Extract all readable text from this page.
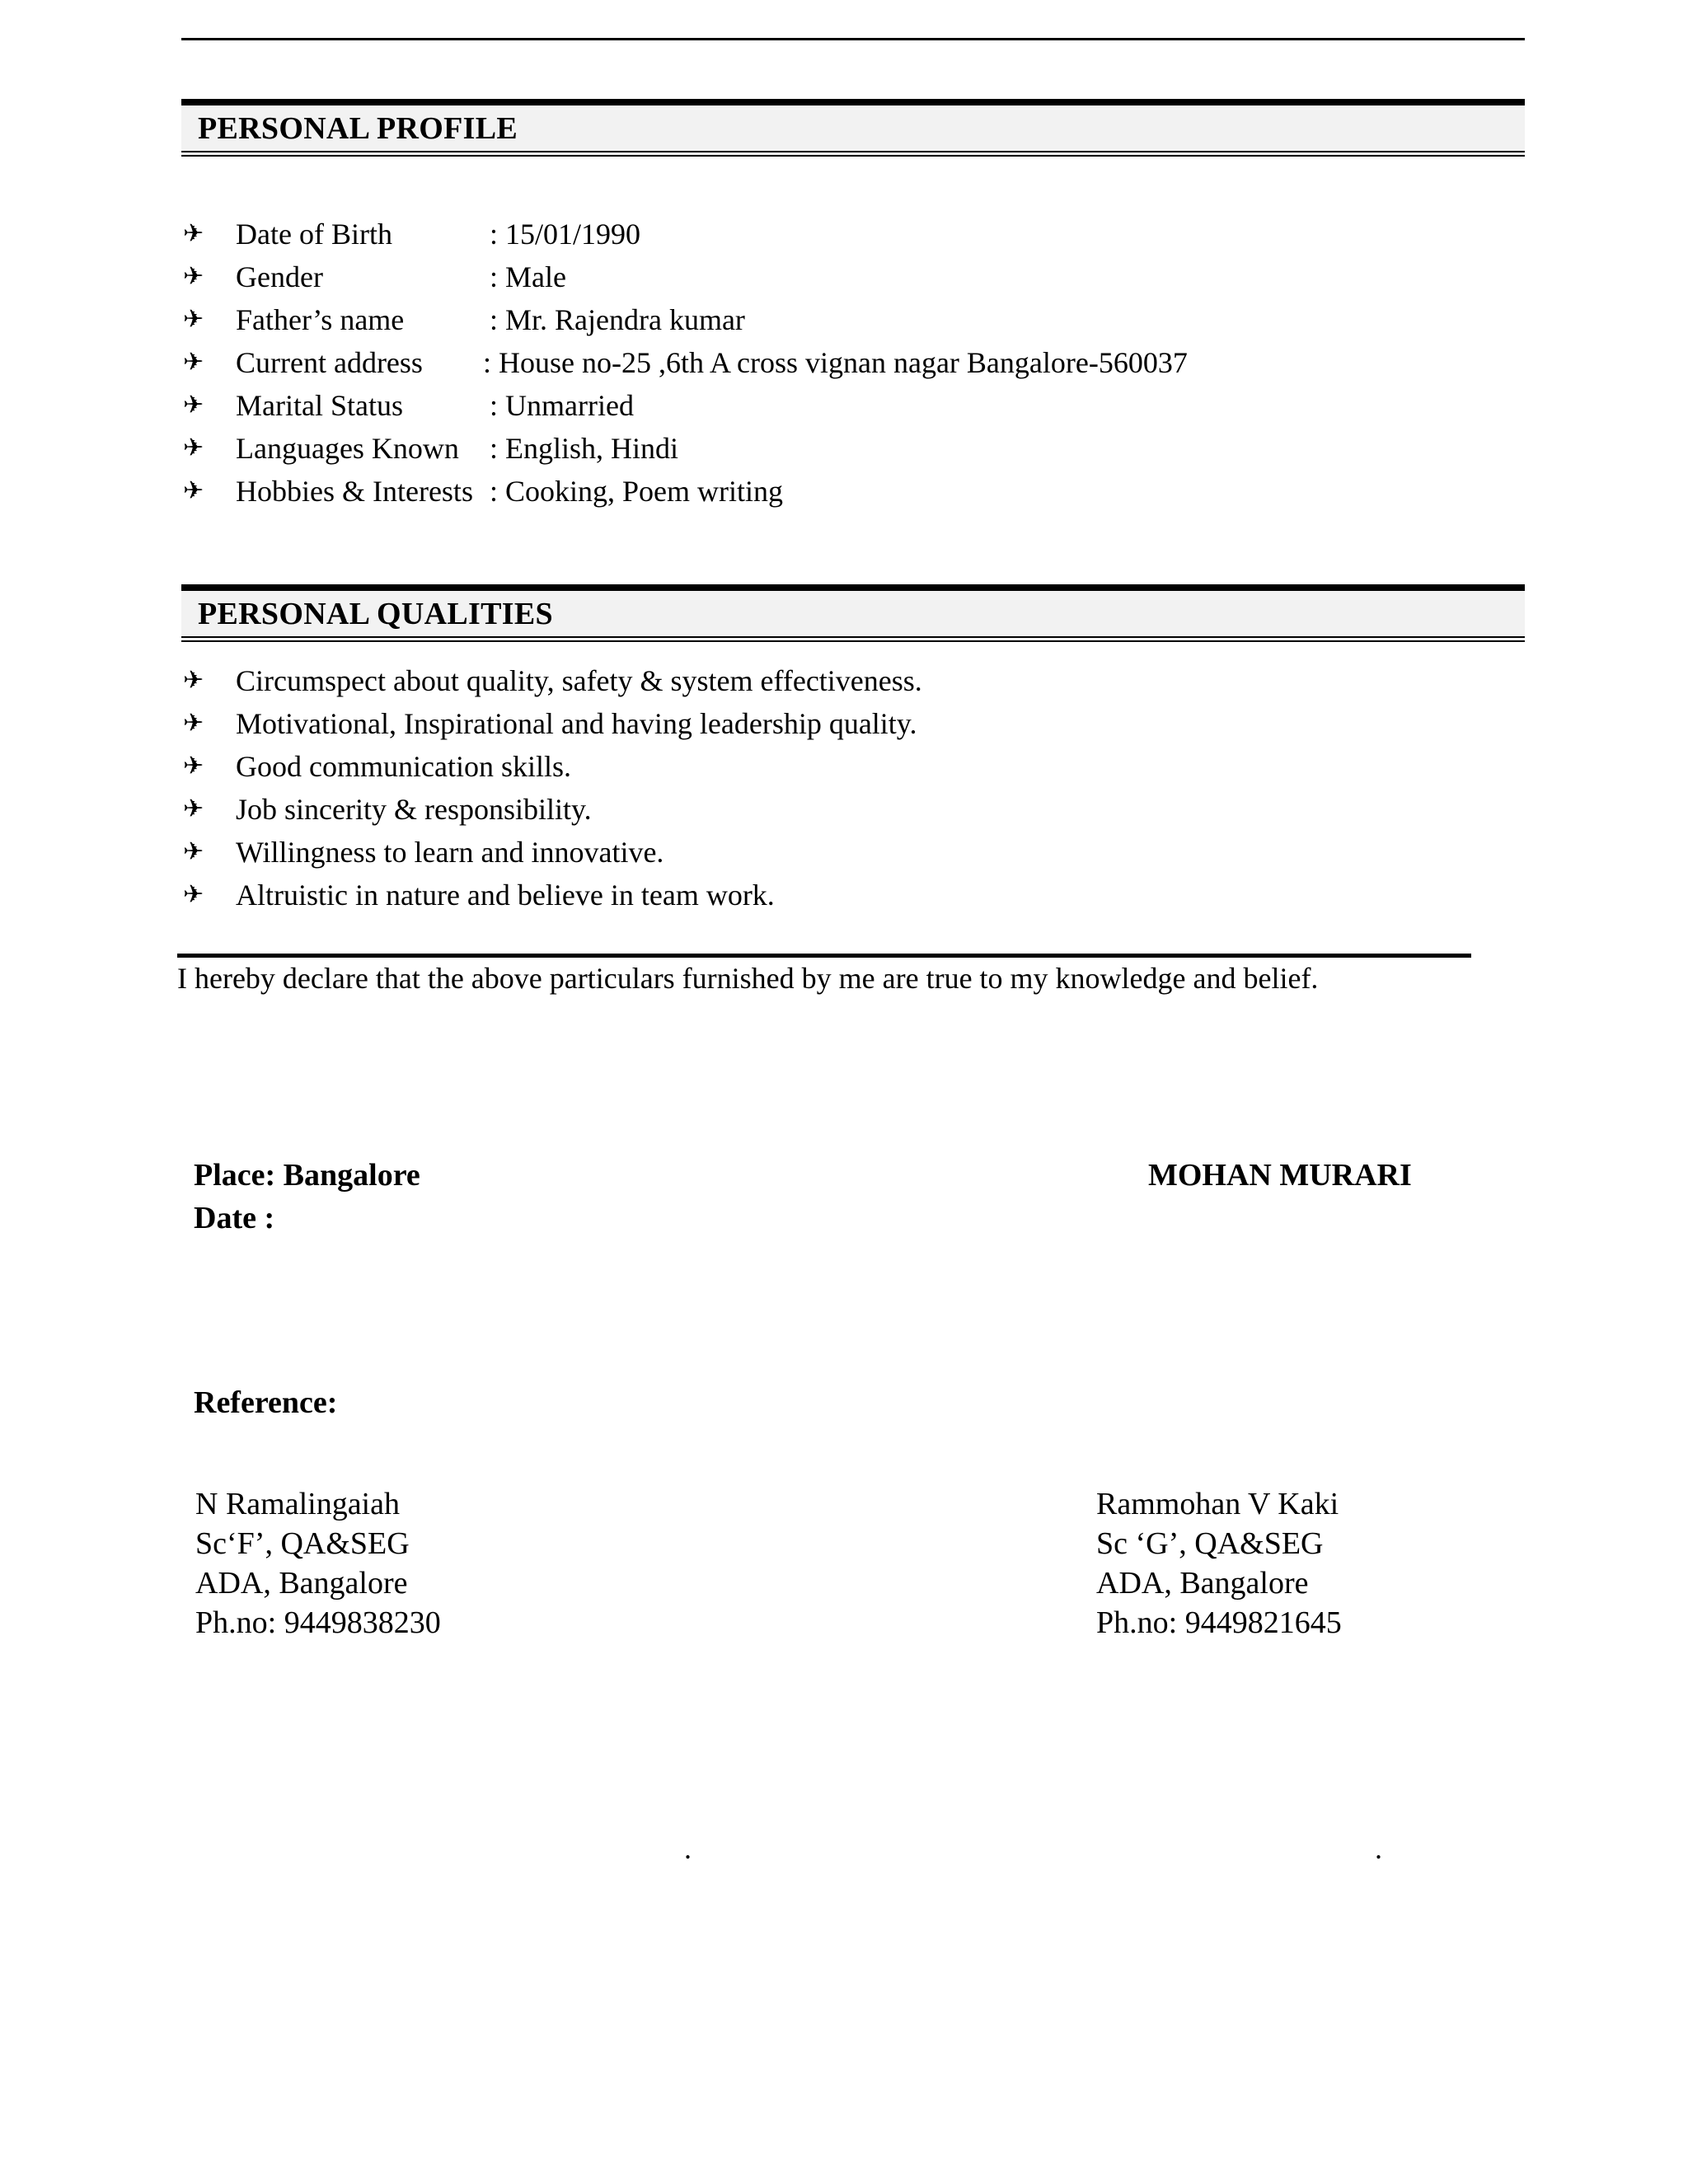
PERSONAL PROFILE
✈ Date of Birth	: 15/01/1990
✈ Gender	: Male
✈ Father’s name	: Mr. Rajendra kumar
✈ Current address : House no-25 ,6th A cross vignan nagar Bangalore-560037
✈ Marital Status	: Unmarried
✈ Languages Known : English, Hindi
✈ Hobbies & Interests : Cooking, Poem writing
PERSONAL QUALITIES
✈ Circumspect about quality, safety & system effectiveness.
✈ Motivational, Inspirational and having leadership quality.
✈ Good communication skills.
✈ Job sincerity & responsibility.
✈ Willingness to learn and innovative.
✈ Altruistic in nature and believe in team work.
I hereby declare that the above particulars furnished by me are true to my knowledge and belief.
Place: Bangalore
Date :
MOHAN MURARI
Reference:
N Ramalingaiah
Sc‘F’, QA&SEG
ADA, Bangalore
Ph.no: 9449838230
Rammohan V Kaki
Sc ‘G’, QA&SEG
ADA, Bangalore
Ph.no: 9449821645
.	.
